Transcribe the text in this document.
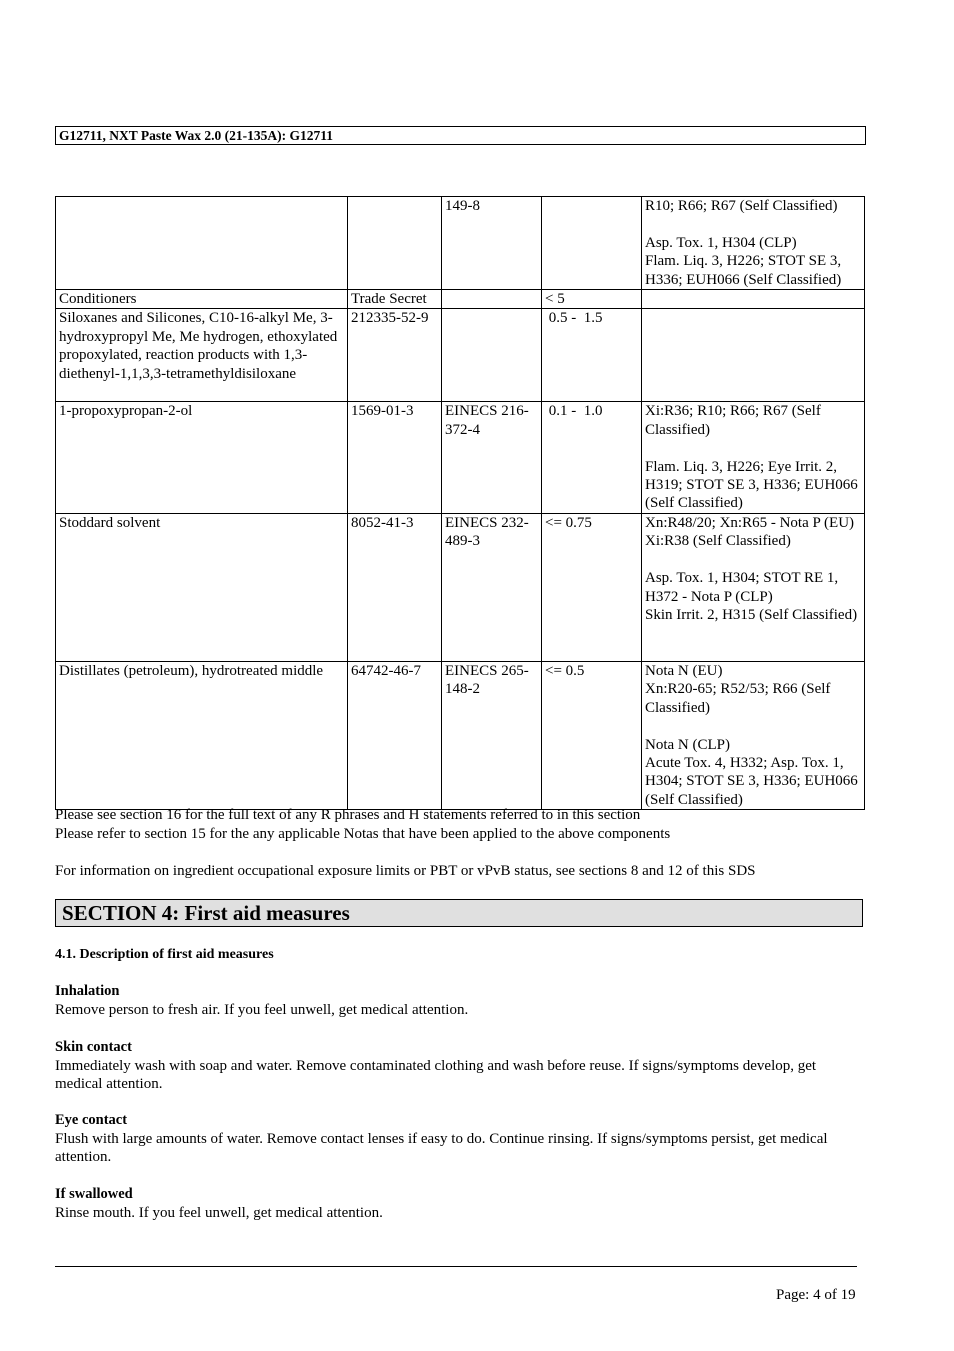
G12711, NXT Paste Wax 2.0 (21-135A): G12711
		149-8		R10; R66; R67 (Self Classified)

Asp. Tox. 1, H304 (CLP)
Flam. Liq. 3, H226; STOT SE 3, H336; EUH066 (Self Classified)
Conditioners	Trade Secret		< 5	
Siloxanes and Silicones, C10-16-alkyl Me, 3-hydroxypropyl Me, Me hydrogen, ethoxylated propoxylated, reaction products with 1,3-diethenyl-1,1,3,3-tetramethyldisiloxane	212335-52-9		0.5 -  1.5	
1-propoxypropan-2-ol	1569-01-3	EINECS 216-372-4	0.1 -  1.0	Xi:R36; R10; R66; R67 (Self Classified)

Flam. Liq. 3, H226; Eye Irrit. 2, H319; STOT SE 3, H336; EUH066 (Self Classified)
Stoddard solvent	8052-41-3	EINECS 232-489-3	<= 0.75	Xn:R48/20; Xn:R65 - Nota P (EU)
Xi:R38 (Self Classified)

Asp. Tox. 1, H304; STOT RE 1, H372 - Nota P (CLP)
Skin Irrit. 2, H315 (Self Classified)
Distillates (petroleum), hydrotreated middle	64742-46-7	EINECS 265-148-2	<= 0.5	Nota N (EU)
Xn:R20-65; R52/53; R66 (Self Classified)

Nota N (CLP)
Acute Tox. 4, H332; Asp. Tox. 1, H304; STOT SE 3, H336; EUH066 (Self Classified)
Please see section 16 for the full text of any R phrases and H statements referred to in this section
Please refer to section 15 for the any applicable Notas that have been applied to the above components
For information on ingredient occupational exposure limits or PBT or vPvB status, see sections 8 and 12 of this SDS
SECTION 4: First aid measures
4.1. Description of first aid measures
Inhalation
Remove person to fresh air. If you feel unwell, get medical attention.
Skin contact
Immediately wash with soap and water. Remove contaminated clothing and wash before reuse. If signs/symptoms develop, get medical attention.
Eye contact
Flush with large amounts of water. Remove contact lenses if easy to do. Continue rinsing. If signs/symptoms persist, get medical attention.
If swallowed
Rinse mouth. If you feel unwell, get medical attention.
Page: 4 of 19
